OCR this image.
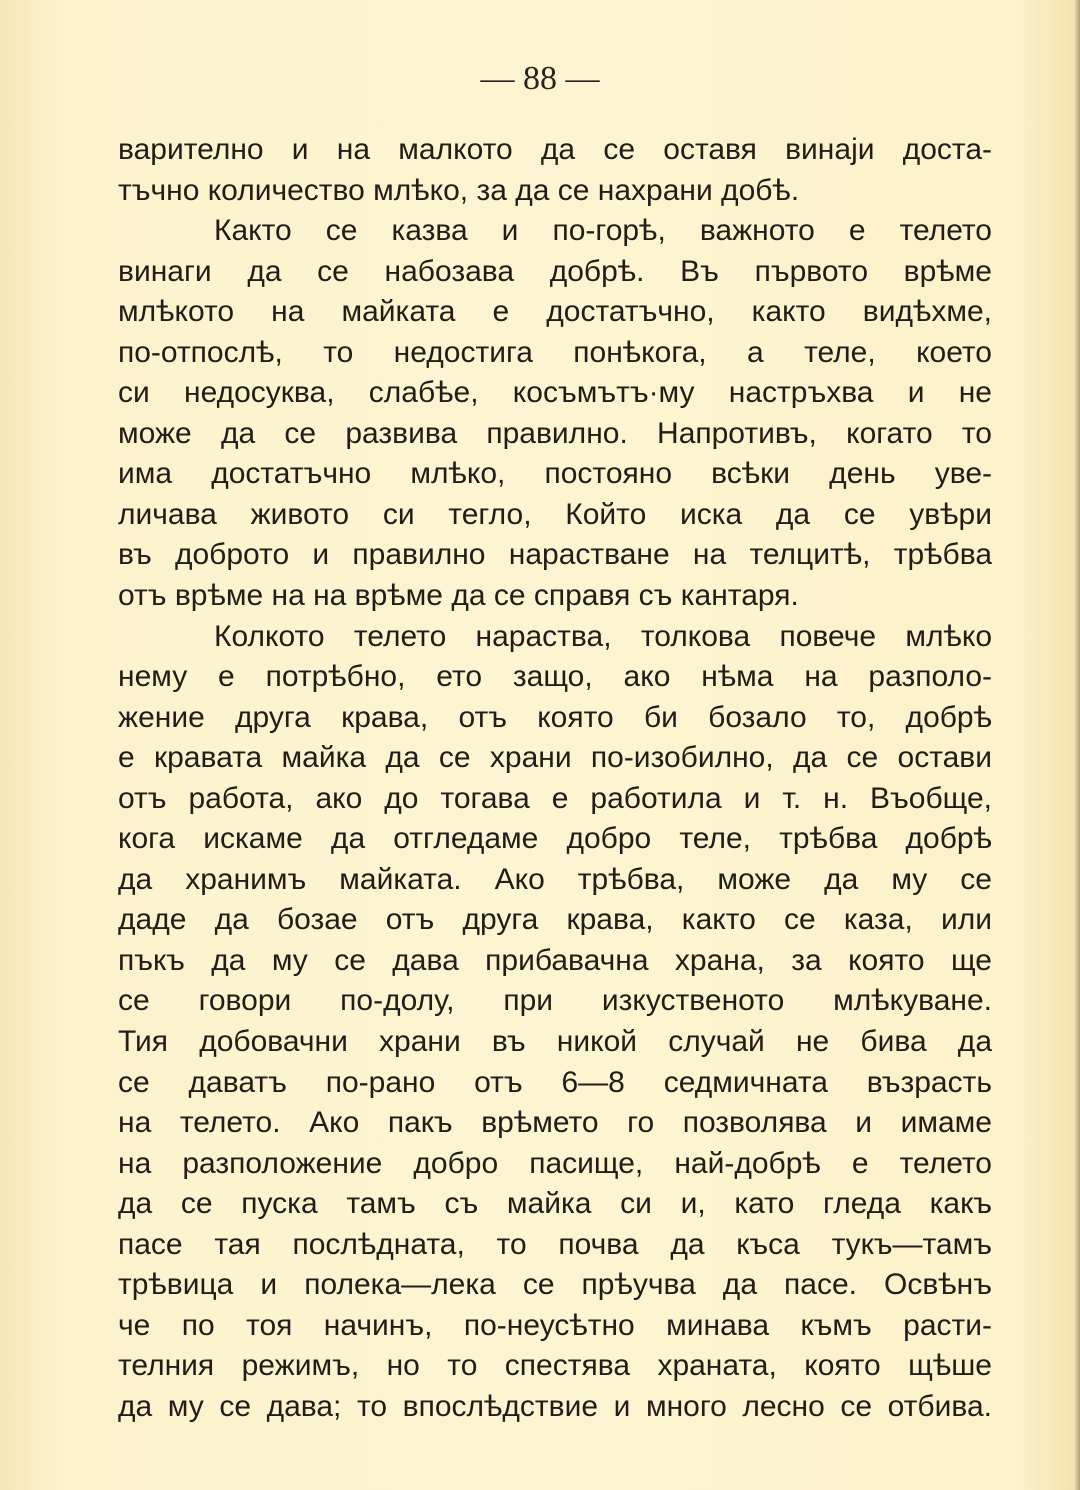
— 88 —
варително и на малкото да се оставя винаjи доста-
тъчно количество млѣко, за да се нахрани добѣ.
Както се казва и по-горѣ, важното е телето
винаги да се набозава добрѣ. Въ първото врѣме
млѣкото на майката е достатъчно, както видѣхме,
по-отпослѣ, то недостига понѣкога, а теле, което
си недосуква, слабѣе, косъмътъ·му настръхва и не
може да се развива правилно. Напротивъ, когато то
има достатъчно млѣко, постояно всѣки день уве-
личава живото си тегло, Който иска да се увѣри
въ доброто и правилно нарастване на телцитѣ, трѣбва
отъ врѣме на на врѣме да се справя съ кантаря.
Колкото телето нараства, толкова повече млѣко
нему е потрѣбно, ето защо, ако нѣма на разполо-
жение друга крава, отъ която би бозало то, добрѣ
е кравата майка да се храни по-изобилно, да се остави
отъ работа, ако до тогава е работила и т. н. Въобще,
кога искаме да отгледаме добро теле, трѣбва добрѣ
да хранимъ майката. Ако трѣбва, може да му се
даде да бозае отъ друга крава, както се каза, или
пъкъ да му се дава прибавачна храна, за която ще
се говори по-долу, при изкуственото млѣкуване.
Тия добовачни храни въ никой случай не бива да
се даватъ по-рано отъ 6—8 седмичната възрасть
на телето. Ако пакъ врѣмето го позволява и имаме
на разположение добро пасище, най-добрѣ е телето
да се пуска тамъ съ майка си и, като гледа какъ
пасе тая послѣдната, то почва да къса тукъ—тамъ
трѣвица и полека—лека се прѣучва да пасе. Освѣнъ
че по тоя начинъ, по-неусѣтно минава къмъ расти-
телния режимъ, но то спестява храната, която щѣше
да му се дава; то впослѣдствие и много лесно се отбива.
